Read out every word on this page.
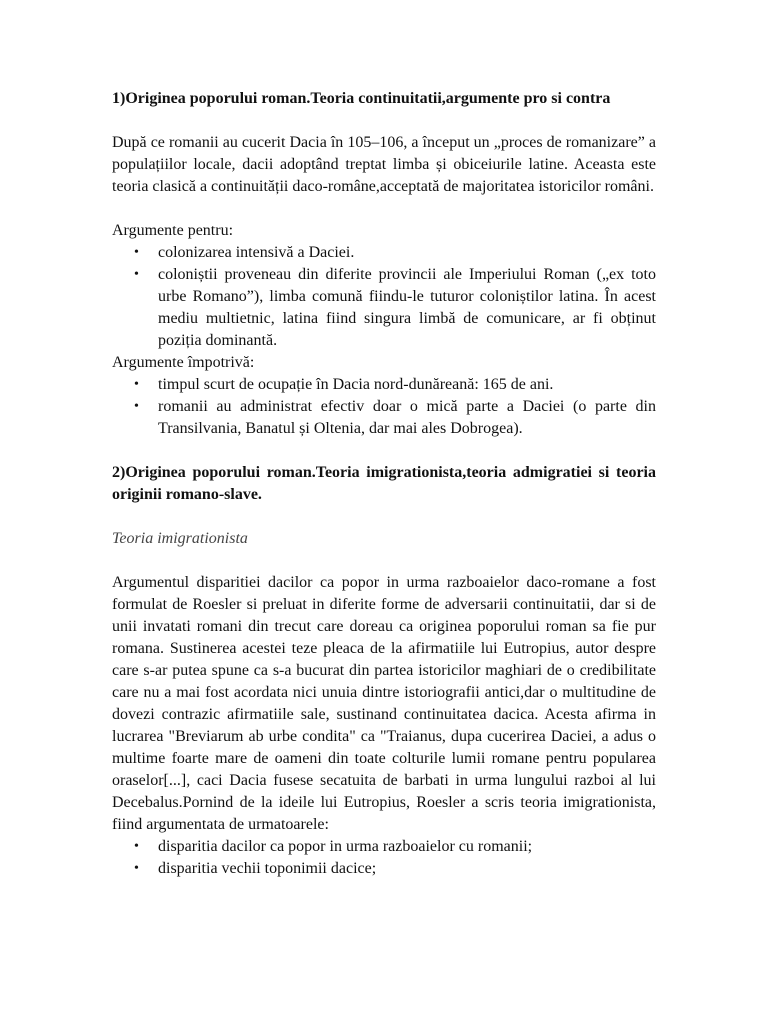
1)Originea poporului roman.Teoria continuitatii,argumente pro si contra

După ce romanii au cucerit Dacia în 105–106, a început un „proces de romanizare” a populațiilor locale, dacii adoptând treptat limba și obiceiurile latine. Aceasta este teoria clasică a continuității daco-române,acceptată de majoritatea istoricilor români.

Argumente pentru:

• colonizarea intensivă a Daciei.
• coloniștii proveneau din diferite provincii ale Imperiului Roman („ex toto urbe Romano”), limba comună fiindu-le tuturor coloniștilor latina. În acest mediu multietnic, latina fiind singura limbă de comunicare, ar fi obținut poziția dominantă.

Argumente împotrivă:

• timpul scurt de ocupație în Dacia nord-dunăreană: 165 de ani.
• romanii au administrat efectiv doar o mică parte a Daciei (o parte din Transilvania, Banatul și Oltenia, dar mai ales Dobrogea).

2)Originea poporului roman.Teoria imigrationista,teoria admigratiei si teoria originii romano-slave.

Teoria imigrationista

Argumentul disparitiei dacilor ca popor in urma razboaielor daco-romane a fost formulat de Roesler si preluat in diferite forme de adversarii continuitatii, dar si de unii invatati romani din trecut care doreau ca originea poporului roman sa fie pur romana. Sustinerea acestei teze pleaca de la afirmatiile lui Eutropius, autor despre care s-ar putea spune ca s-a bucurat din partea istoricilor maghiari de o credibilitate care nu a mai fost acordata nici unuia dintre istoriografii antici,dar o multitudine de dovezi contrazic afirmatiile sale, sustinand continuitatea dacica. Acesta afirma in lucrarea "Breviarum ab urbe condita" ca "Traianus, dupa cucerirea Daciei, a adus o multime foarte mare de oameni din toate colturile lumii romane pentru popularea oraselor[...], caci Dacia fusese secatuita de barbati in urma lungului razboi al lui Decebalus.Pornind de la ideile lui Eutropius, Roesler a scris teoria imigrationista, fiind argumentata de urmatoarele:

• disparitia dacilor ca popor in urma razboaielor cu romanii;
• disparitia vechii toponimii dacice;
